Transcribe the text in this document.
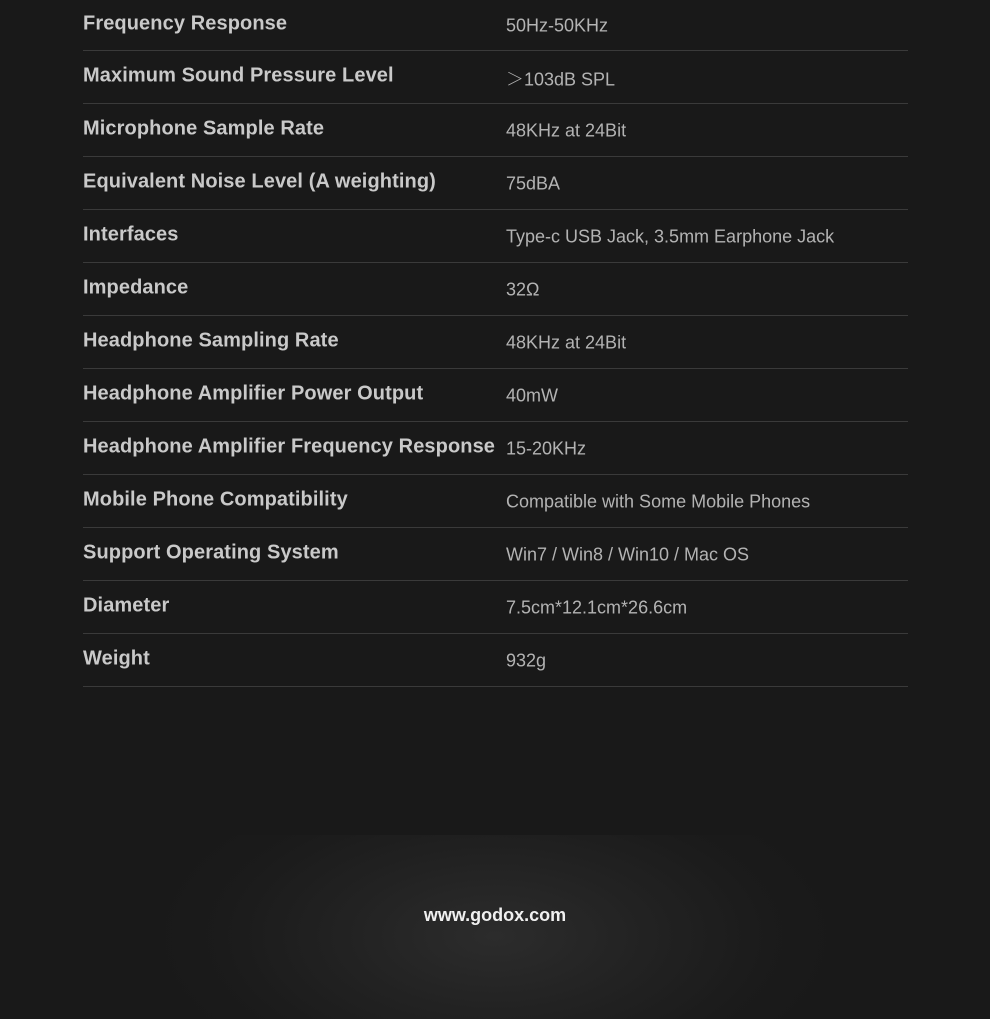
Frequency Response	50Hz-50KHz
Maximum Sound Pressure Level	＞103dB SPL
Microphone Sample Rate	48KHz at 24Bit
Equivalent Noise Level (A weighting)	75dBA
Interfaces	Type-c USB Jack, 3.5mm Earphone Jack
Impedance	32Ω
Headphone Sampling Rate	48KHz at 24Bit
Headphone Amplifier Power Output	40mW
Headphone Amplifier Frequency Response 15-20KHz
Mobile Phone Compatibility	Compatible with Some Mobile Phones
Support Operating System	Win7 / Win8 / Win10 / Mac OS
Diameter	7.5cm*12.1cm*26.6cm
Weight	932g
www.godox.com
